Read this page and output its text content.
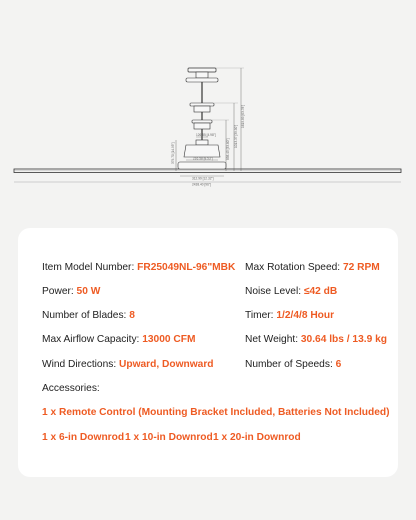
1619.89 [63.78"]
1013.37 [39.90"]
858.45 [33.80"]
379.70 [14.95"]
126.55 [4.98"]
216.58 [8.53"]
312.99 [12.32"]
2438.40 [96"]
Item Model Number: FR25049NL-96"MBK Max Rotation Speed: 72 RPM
Power: 50 W	Noise Level: ≤42 dB
Number of Blades: 8	Timer: 1/2/4/8 Hour
Max Airflow Capacity: 13000 CFM	Net Weight: 30.64 lbs / 13.9 kg
Wind Directions: Upward, Downward	Number of Speeds: 6
Accessories:
1 x Remote Control (Mounting Bracket Included, Batteries Not Included)
1 x 6-in Downrod 1 x 10-in Downrod 1 x 20-in Downrod
